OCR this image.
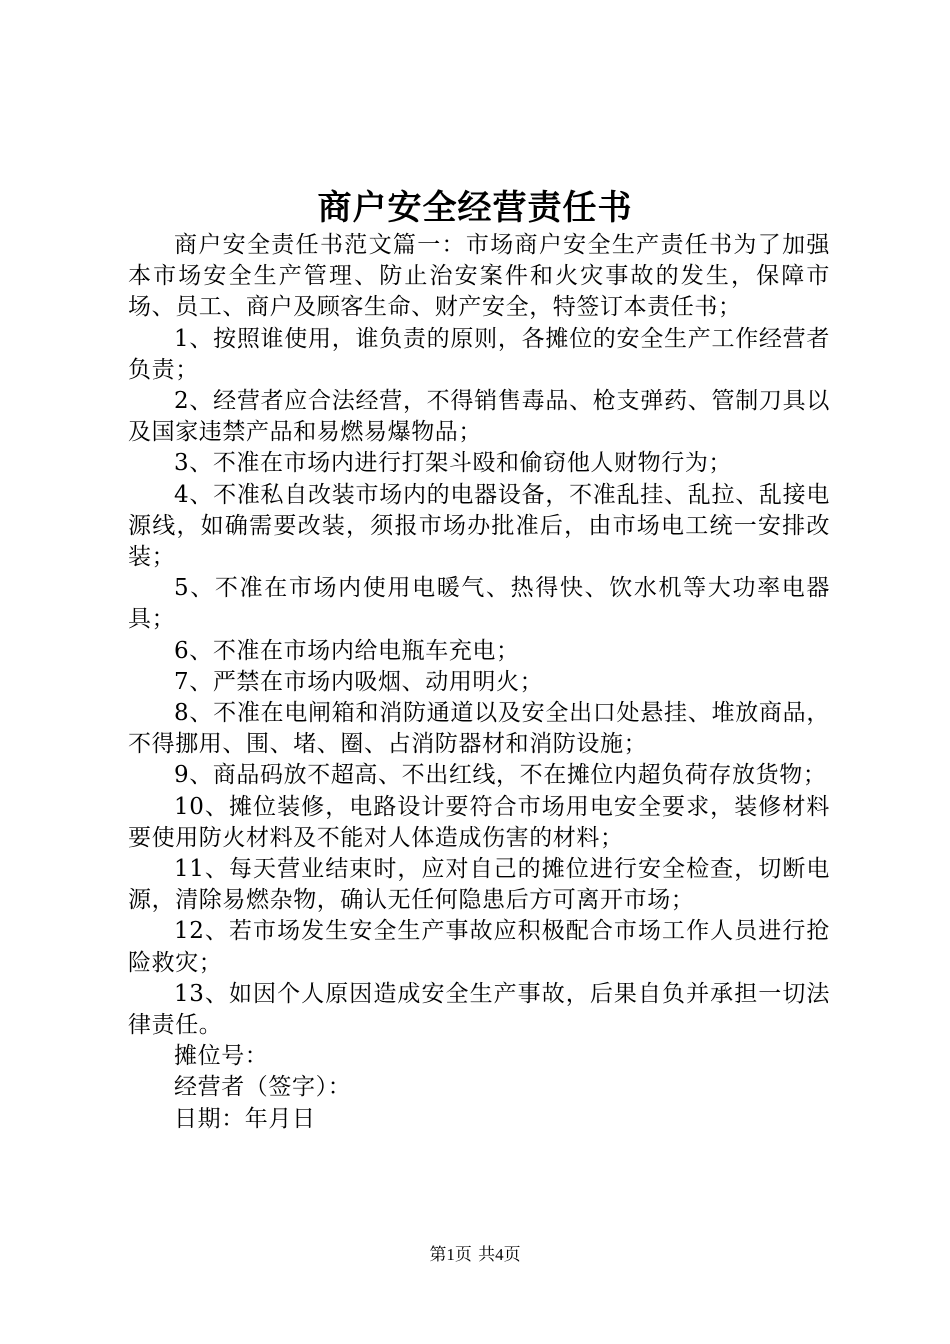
商户安全经营责任书

商户安全责任书范文篇一：市场商户安全生产责任书为了加强本市场安全生产管理、防止治安案件和火灾事故的发生，保障市场、员工、商户及顾客生命、财产安全，特签订本责任书；

1、按照谁使用，谁负责的原则，各摊位的安全生产工作经营者负责；

2、经营者应合法经营，不得销售毒品、枪支弹药、管制刀具以及国家违禁产品和易燃易爆物品；

3、不准在市场内进行打架斗殴和偷窃他人财物行为；

4、不准私自改装市场内的电器设备，不准乱挂、乱拉、乱接电源线，如确需要改装，须报市场办批准后，由市场电工统一安排改装；

5、不准在市场内使用电暖气、热得快、饮水机等大功率电器具；

6、不准在市场内给电瓶车充电；

7、严禁在市场内吸烟、动用明火；

8、不准在电闸箱和消防通道以及安全出口处悬挂、堆放商品，不得挪用、围、堵、圈、占消防器材和消防设施；

9、商品码放不超高、不出红线，不在摊位内超负荷存放货物；

10、摊位装修，电路设计要符合市场用电安全要求，装修材料要使用防火材料及不能对人体造成伤害的材料；

11、每天营业结束时，应对自己的摊位进行安全检查，切断电源，清除易燃杂物，确认无任何隐患后方可离开市场；

12、若市场发生安全生产事故应积极配合市场工作人员进行抢险救灾；

13、如因个人原因造成安全生产事故，后果自负并承担一切法律责任。

摊位号：

经营者（签字）：

日期：年月日

第1页 共4页
